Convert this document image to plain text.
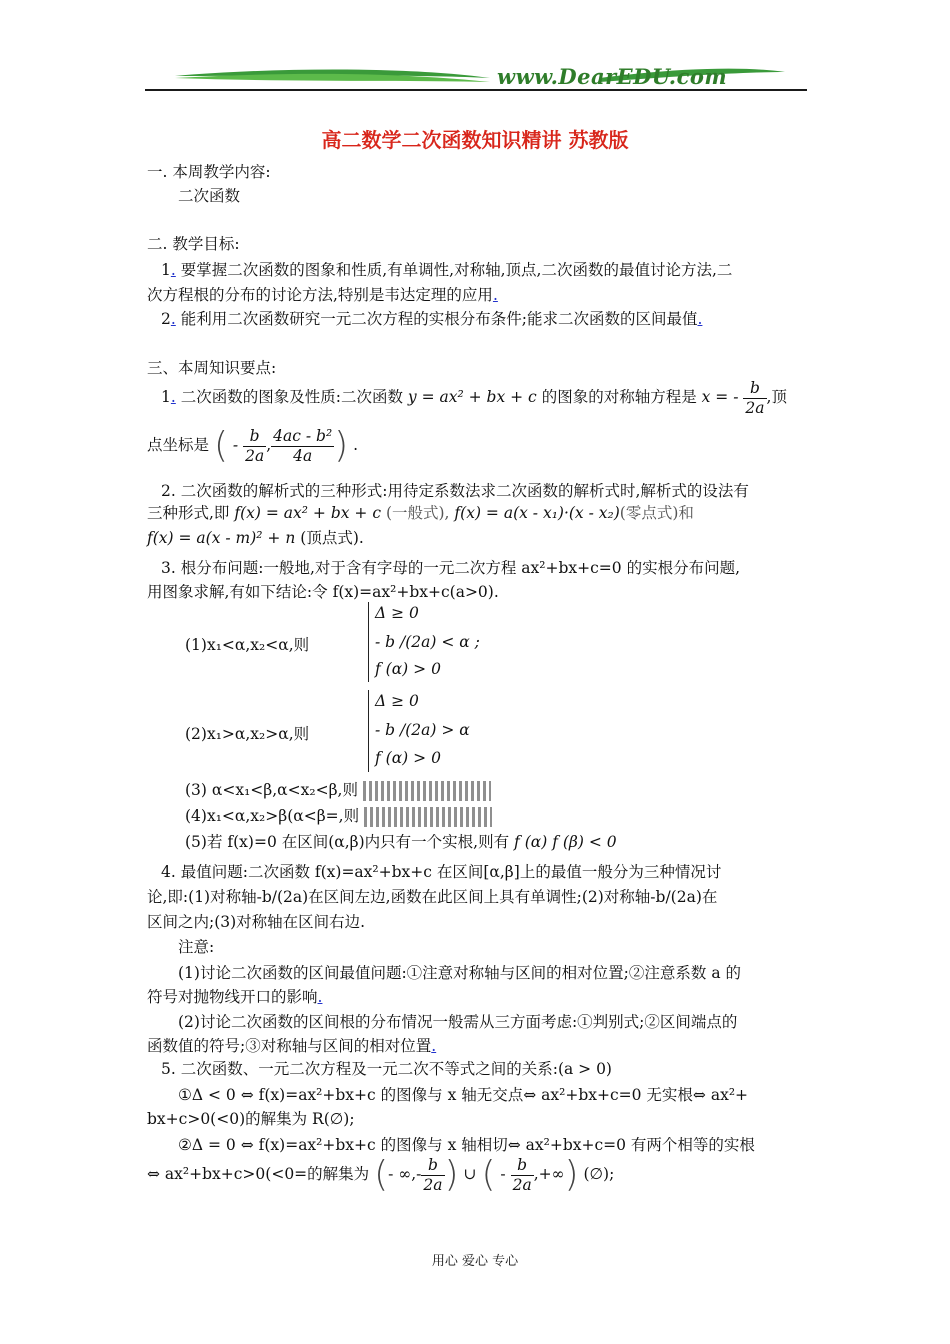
www.DearEDU.com
高二数学二次函数知识精讲 苏教版
一. 本周教学内容:
二次函数
二. 教学目标:
1. 要掌握二次函数的图象和性质,有单调性,对称轴,顶点,二次函数的最值讨论方法,二
次方程根的分布的讨论方法,特别是韦达定理的应用.
2. 能利用二次函数研究一元二次方程的实根分布条件;能求二次函数的区间最值.
三、本周知识要点:
1. 二次函数的图象及性质:二次函数 y = ax² + bx + c 的图象的对称轴方程是 x = - $\frac{b}{2a}$ ,顶
点坐标是 ( - $\frac{b}{2a}$ , $\frac{\text{4ac - b²}}{4a}$ ) .
2. 二次函数的解析式的三种形式:用待定系数法求二次函数的解析式时,解析式的设法有
三种形式,即 f(x) = ax² + bx + c (一般式), f(x) = a(x - x₁)·(x - x₂)(零点式)和
f(x) = a(x - m)² + n (顶点式).
3. 根分布问题:一般地,对于含有字母的一元二次方程 ax²+bx+c=0 的实根分布问题,
用图象求解,有如下结论:令 f(x)=ax²+bx+c(a>0).
(1)x₁<α,x₂<α,则
Δ ≥ 0
- b /(2a) < α ;
f (α) > 0
(2)x₁>α,x₂>α,则
Δ ≥ 0
- b /(2a) > α
f (α) > 0
(3) α<x₁<β,α<x₂<β,则
(4)x₁<α,x₂>β(α<β=,则
(5)若 f(x)=0 在区间(α,β)内只有一个实根,则有 f (α) f (β) < 0
4. 最值问题:二次函数 f(x)=ax²+bx+c 在区间[α,β]上的最值一般分为三种情况讨
论,即:(1)对称轴-b/(2a)在区间左边,函数在此区间上具有单调性;(2)对称轴-b/(2a)在
区间之内;(3)对称轴在区间右边.
注意:
(1)讨论二次函数的区间最值问题:①注意对称轴与区间的相对位置;②注意系数 a 的
符号对抛物线开口的影响.
(2)讨论二次函数的区间根的分布情况一般需从三方面考虑:①判别式;②区间端点的
函数值的符号;③对称轴与区间的相对位置.
5. 二次函数、一元二次方程及一元二次不等式之间的关系:(a > 0)
①Δ < 0 ⇔ f(x)=ax²+bx+c 的图像与 x 轴无交点⇔ ax²+bx+c=0 无实根⇔ ax²+
bx+c>0(<0)的解集为 R(∅);
②Δ = 0 ⇔ f(x)=ax²+bx+c 的图像与 x 轴相切⇔ ax²+bx+c=0 有两个相等的实根
⇔ ax²+bx+c>0(<0=的解集为 (- ∞,- $\frac{b}{2a}$ ) ∪ ( - $\frac{b}{2a}$ ,+∞) (∅);
用心 爱心 专心
